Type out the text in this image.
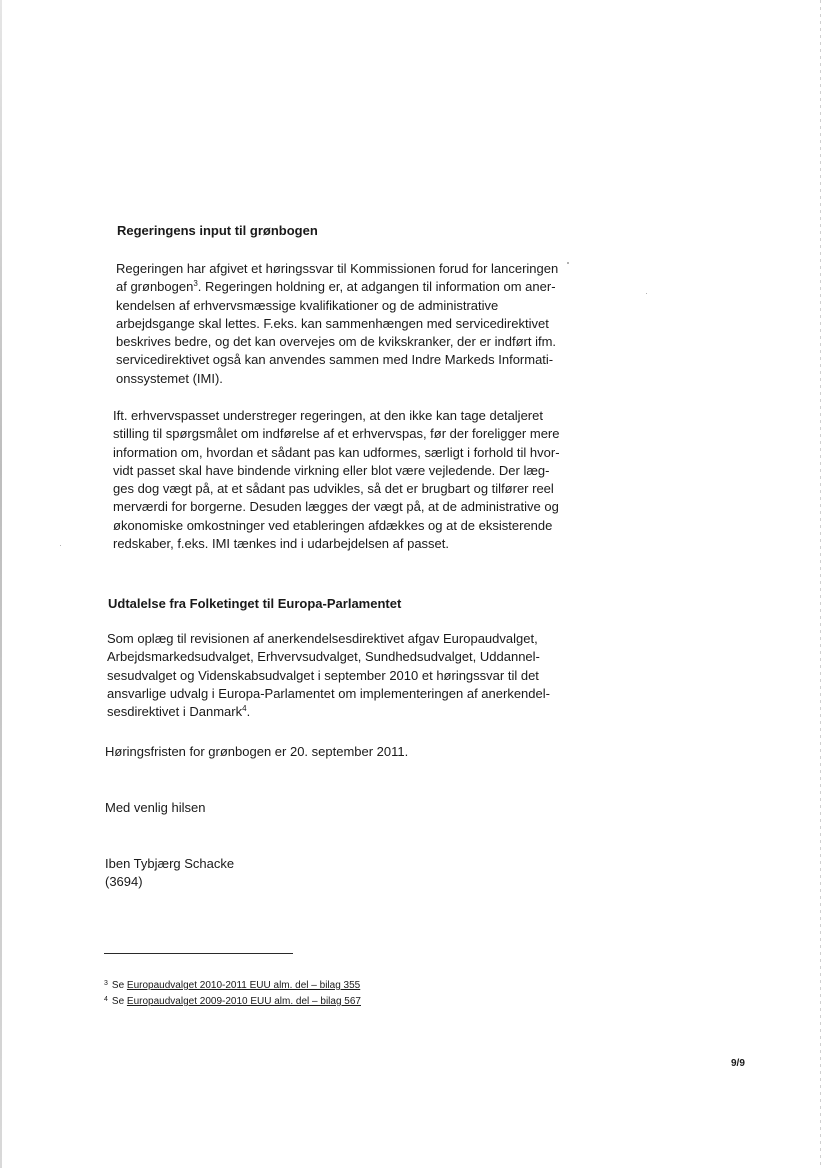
Regeringens input til grønbogen
Regeringen har afgivet et høringssvar til Kommissionen forud for lanceringen
af grønbogen$^3$. Regeringen holdning er, at adgangen til information om aner-
kendelsen af erhvervsmæssige kvalifikationer og de administrative
arbejdsgange skal lettes. F.eks. kan sammenhængen med servicedirektivet
beskrives bedre, og det kan overvejes om de kvikskranker, der er indført ifm.
servicedirektivet også kan anvendes sammen med Indre Markeds Informati-
onssystemet (IMI).
Ift. erhvervspasset understreger regeringen, at den ikke kan tage detaljeret
stilling til spørgsmålet om indførelse af et erhvervspas, før der foreligger mere
information om, hvordan et sådant pas kan udformes, særligt i forhold til hvor-
vidt passet skal have bindende virkning eller blot være vejledende. Der læg-
ges dog vægt på, at et sådant pas udvikles, så det er brugbart og tilfører reel
merværdi for borgerne. Desuden lægges der vægt på, at de administrative og
økonomiske omkostninger ved etableringen afdækkes og at de eksisterende
redskaber, f.eks. IMI tænkes ind i udarbejdelsen af passet.
Udtalelse fra Folketinget til Europa-Parlamentet
Som oplæg til revisionen af anerkendelsesdirektivet afgav Europaudvalget,
Arbejdsmarkedsudvalget, Erhvervsudvalget, Sundhedsudvalget, Uddannel-
sesudvalget og Videnskabsudvalget i september 2010 et høringssvar til det
ansvarlige udvalg i Europa-Parlamentet om implementeringen af anerkendel-
sesdirektivet i Danmark$^4$.
Høringsfristen for grønbogen er 20. september 2011.
Med venlig hilsen
Iben Tybjærg Schacke
(3694)
$^3$ Se Europaudvalget 2010-2011 EUU alm. del – bilag 355
$^4$ Se Europaudvalget 2009-2010 EUU alm. del – bilag 567
9/9
